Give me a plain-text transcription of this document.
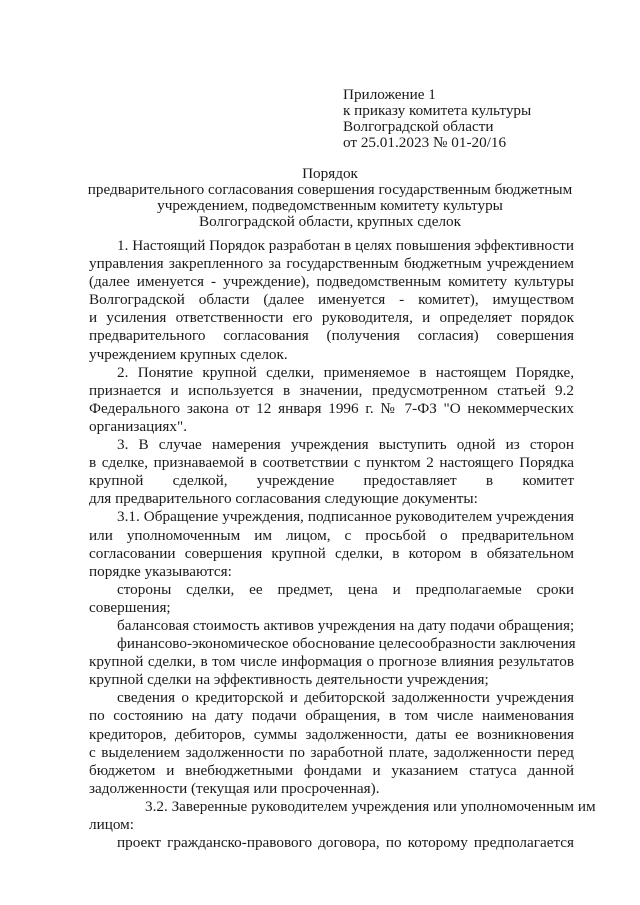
Приложение 1
к приказу комитета культуры
Волгоградской области
от 25.01.2023 № 01-20/16
Порядок
предварительного согласования совершения государственным бюджетным
учреждением, подведомственным комитету культуры
Волгоградской области, крупных сделок
1. Настоящий Порядок разработан в целях повышения эффективности
управления закрепленного за государственным бюджетным учреждением
(далее именуется - учреждение), подведомственным комитету культуры
Волгоградской области (далее именуется - комитет), имуществом
и усиления ответственности его руководителя, и определяет порядок
предварительного согласования (получения согласия) совершения
учреждением крупных сделок.
2. Понятие крупной сделки, применяемое в настоящем Порядке,
признается и используется в значении, предусмотренном статьей 9.2
Федерального закона от 12 января 1996 г. № 7-ФЗ "О некоммерческих
организациях".
3. В случае намерения учреждения выступить одной из сторон
в сделке, признаваемой в соответствии с пунктом 2 настоящего Порядка
крупной сделкой, учреждение предоставляет в комитет
для предварительного согласования следующие документы:
3.1. Обращение учреждения, подписанное руководителем учреждения
или уполномоченным им лицом, с просьбой о предварительном
согласовании совершения крупной сделки, в котором в обязательном
порядке указываются:
стороны сделки, ее предмет, цена и предполагаемые сроки
совершения;
балансовая стоимость активов учреждения на дату подачи обращения;
финансово-экономическое обоснование целесообразности заключения
крупной сделки, в том числе информация о прогнозе влияния результатов
крупной сделки на эффективность деятельности учреждения;
сведения о кредиторской и дебиторской задолженности учреждения
по состоянию на дату подачи обращения, в том числе наименования
кредиторов, дебиторов, суммы задолженности, даты ее возникновения
с выделением задолженности по заработной плате, задолженности перед
бюджетом и внебюджетными фондами и указанием статуса данной
задолженности (текущая или просроченная).
3.2. Заверенные руководителем учреждения или уполномоченным им
лицом:
проект гражданско-правового договора, по которому предполагается
